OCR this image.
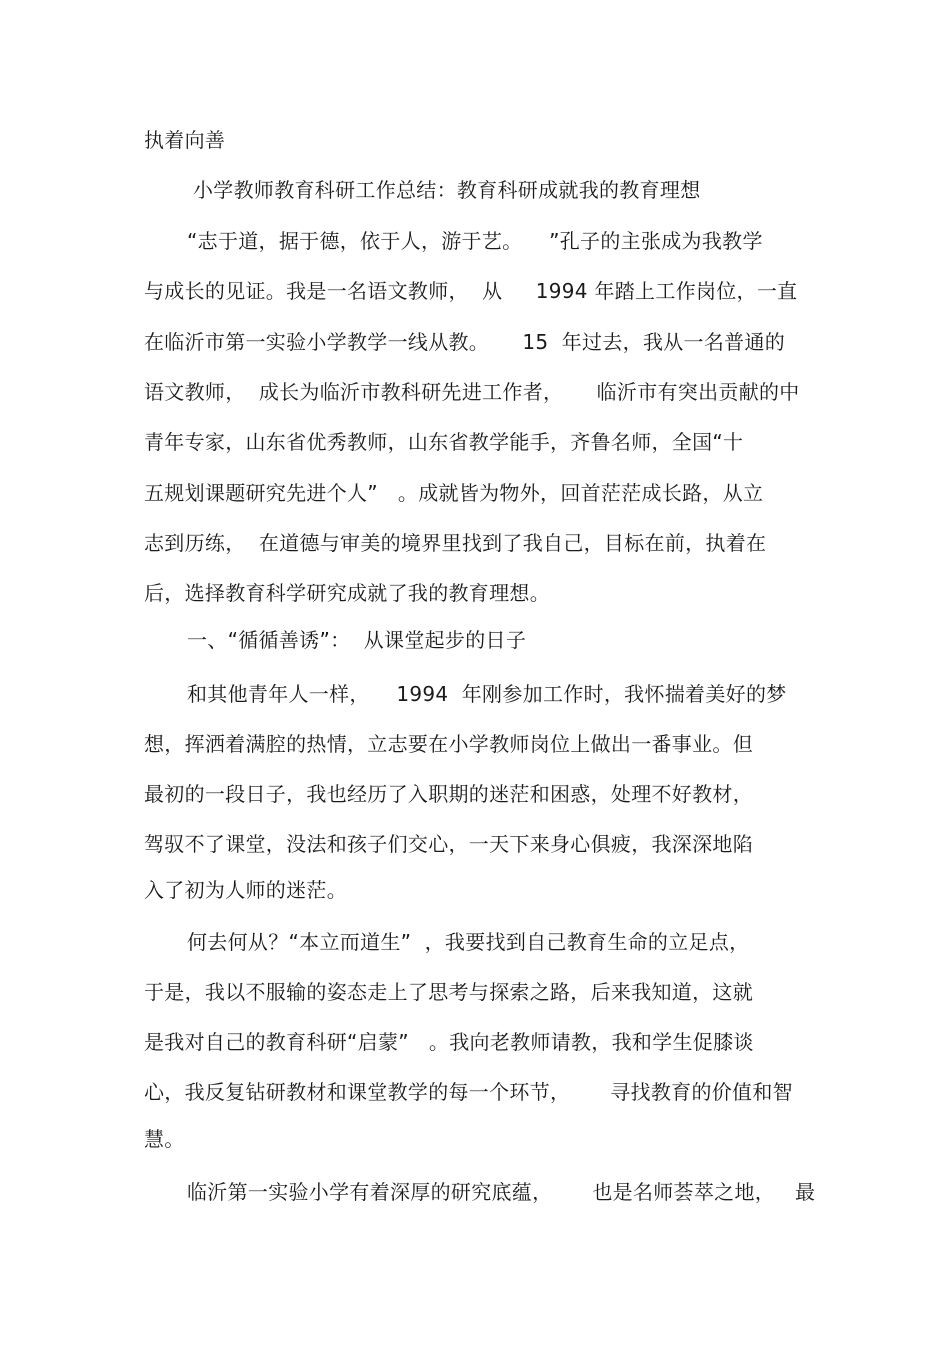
执着向善
小学教师教育科研工作总结：教育科研成就我的教育理想
“志于道，据于德，依于人，游于艺。    ”孔子的主张成为我教学
与成长的见证。我是一名语文教师，  从     1994 年踏上工作岗位，一直
在临沂市第一实验小学教学一线从教。     15  年过去，我从一名普通的
语文教师，  成长为临沂市教科研先进工作者，     临沂市有突出贡献的中
青年专家，山东省优秀教师，山东省教学能手，齐鲁名师，全国“十
五规划课题研究先进个人”   。成就皆为物外，回首茫茫成长路，从立
志到历练，  在道德与审美的境界里找到了我自己，目标在前，执着在
后，选择教育科学研究成就了我的教育理想。
一、“循循善诱”：  从课堂起步的日子
和其他青年人一样，    1994  年刚参加工作时，我怀揣着美好的梦
想，挥洒着满腔的热情，立志要在小学教师岗位上做出一番事业。但
最初的一段日子，我也经历了入职期的迷茫和困惑，处理不好教材，
驾驭不了课堂，没法和孩子们交心，一天下来身心俱疲，我深深地陷
入了初为人师的迷茫。
何去何从？“本立而道生”  ，我要找到自己教育生命的立足点，
于是，我以不服输的姿态走上了思考与探索之路，后来我知道，这就
是我对自己的教育科研“启蒙”   。我向老教师请教，我和学生促膝谈
心，我反复钻研教材和课堂教学的每一个环节，      寻找教育的价值和智
慧。
临沂第一实验小学有着深厚的研究底蕴，      也是名师荟萃之地，   最
